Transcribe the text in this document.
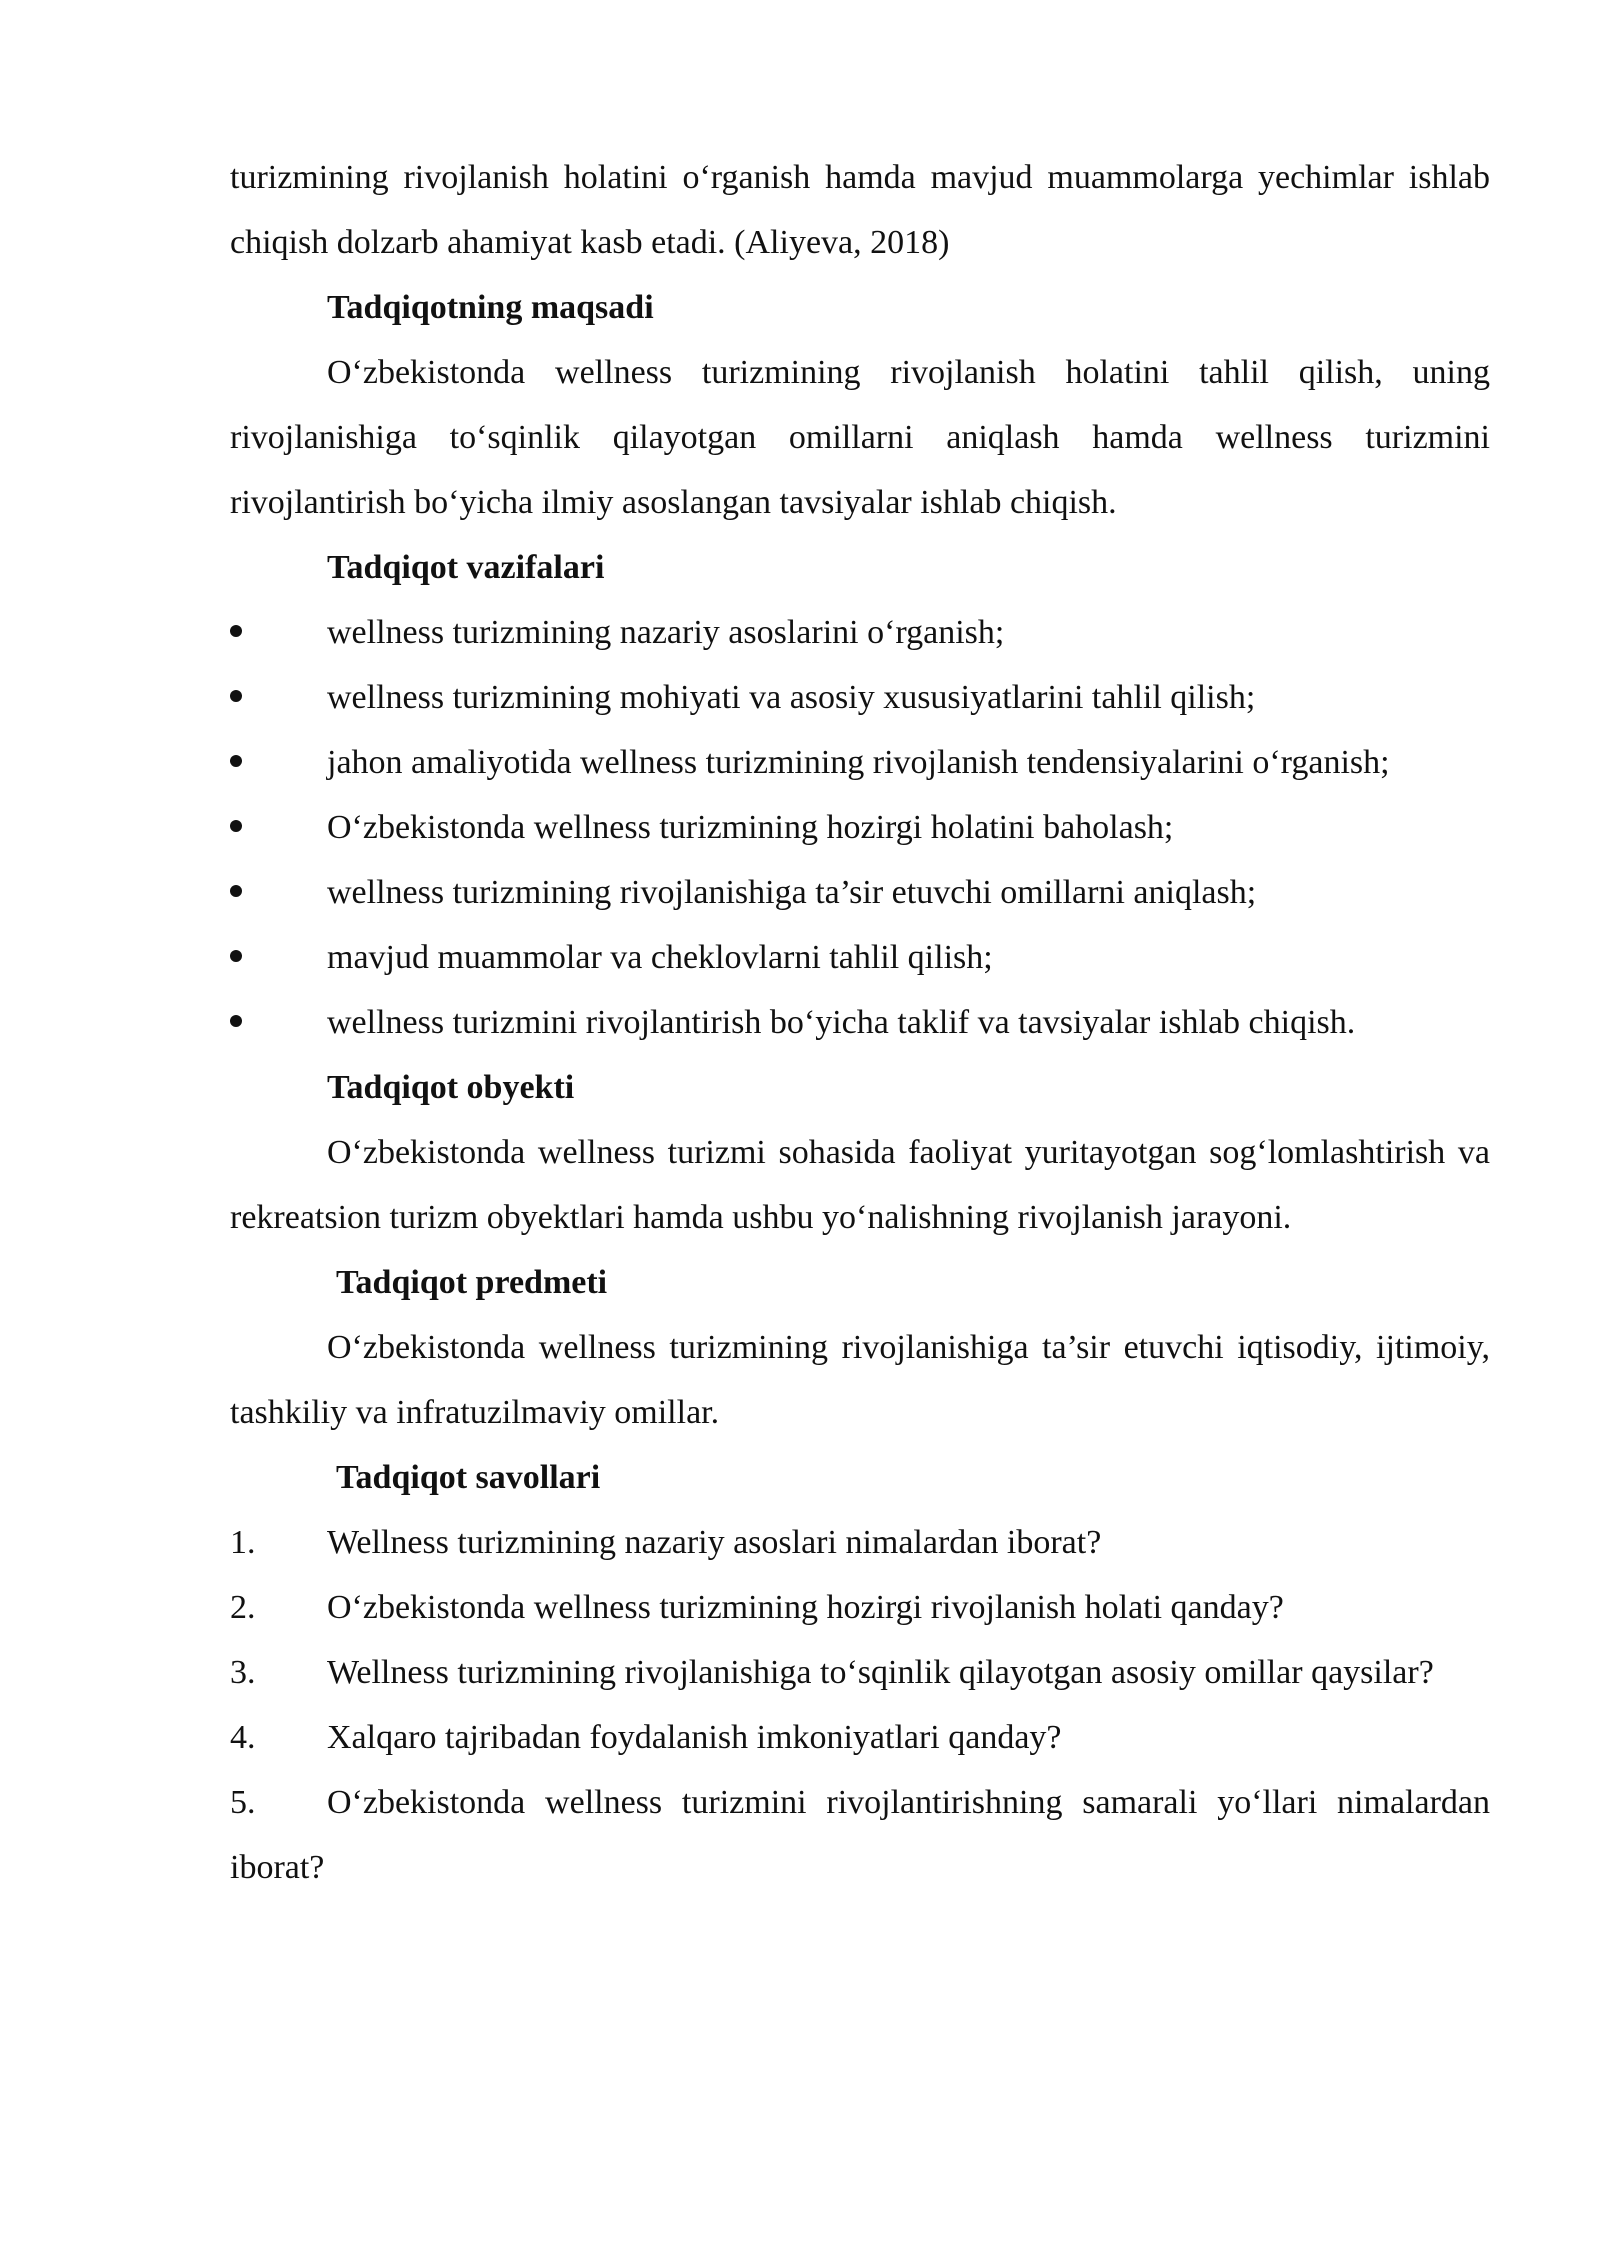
turizmining rivojlanish holatini o‘rganish hamda mavjud muammolarga yechimlar ishlab chiqish dolzarb ahamiyat kasb etadi. (Aliyeva, 2018)

Tadqiqotning maqsadi

O‘zbekistonda wellness turizmining rivojlanish holatini tahlil qilish, uning rivojlanishiga to‘sqinlik qilayotgan omillarni aniqlash hamda wellness turizmini rivojlantirish bo‘yicha ilmiy asoslangan tavsiyalar ishlab chiqish.

Tadqiqot vazifalari

wellness turizmining nazariy asoslarini o‘rganish;

wellness turizmining mohiyati va asosiy xususiyatlarini tahlil qilish;

jahon amaliyotida wellness turizmining rivojlanish tendensiyalarini o‘rganish;

O‘zbekistonda wellness turizmining hozirgi holatini baholash;

wellness turizmining rivojlanishiga ta’sir etuvchi omillarni aniqlash;

mavjud muammolar va cheklovlarni tahlil qilish;

wellness turizmini rivojlantirish bo‘yicha taklif va tavsiyalar ishlab chiqish.

Tadqiqot obyekti

O‘zbekistonda wellness turizmi sohasida faoliyat yuritayotgan sog‘lomlashtirish va rekreatsion turizm obyektlari hamda ushbu yo‘nalishning rivojlanish jarayoni.

Tadqiqot predmeti

O‘zbekistonda wellness turizmining rivojlanishiga ta’sir etuvchi iqtisodiy, ijtimoiy, tashkiliy va infratuzilmaviy omillar.

Tadqiqot savollari

1. Wellness turizmining nazariy asoslari nimalardan iborat?

2. O‘zbekistonda wellness turizmining hozirgi rivojlanish holati qanday?

3. Wellness turizmining rivojlanishiga to‘sqinlik qilayotgan asosiy omillar qaysilar?

4. Xalqaro tajribadan foydalanish imkoniyatlari qanday?

5. O‘zbekistonda wellness turizmini rivojlantirishning samarali yo‘llari nimalardan iborat?
